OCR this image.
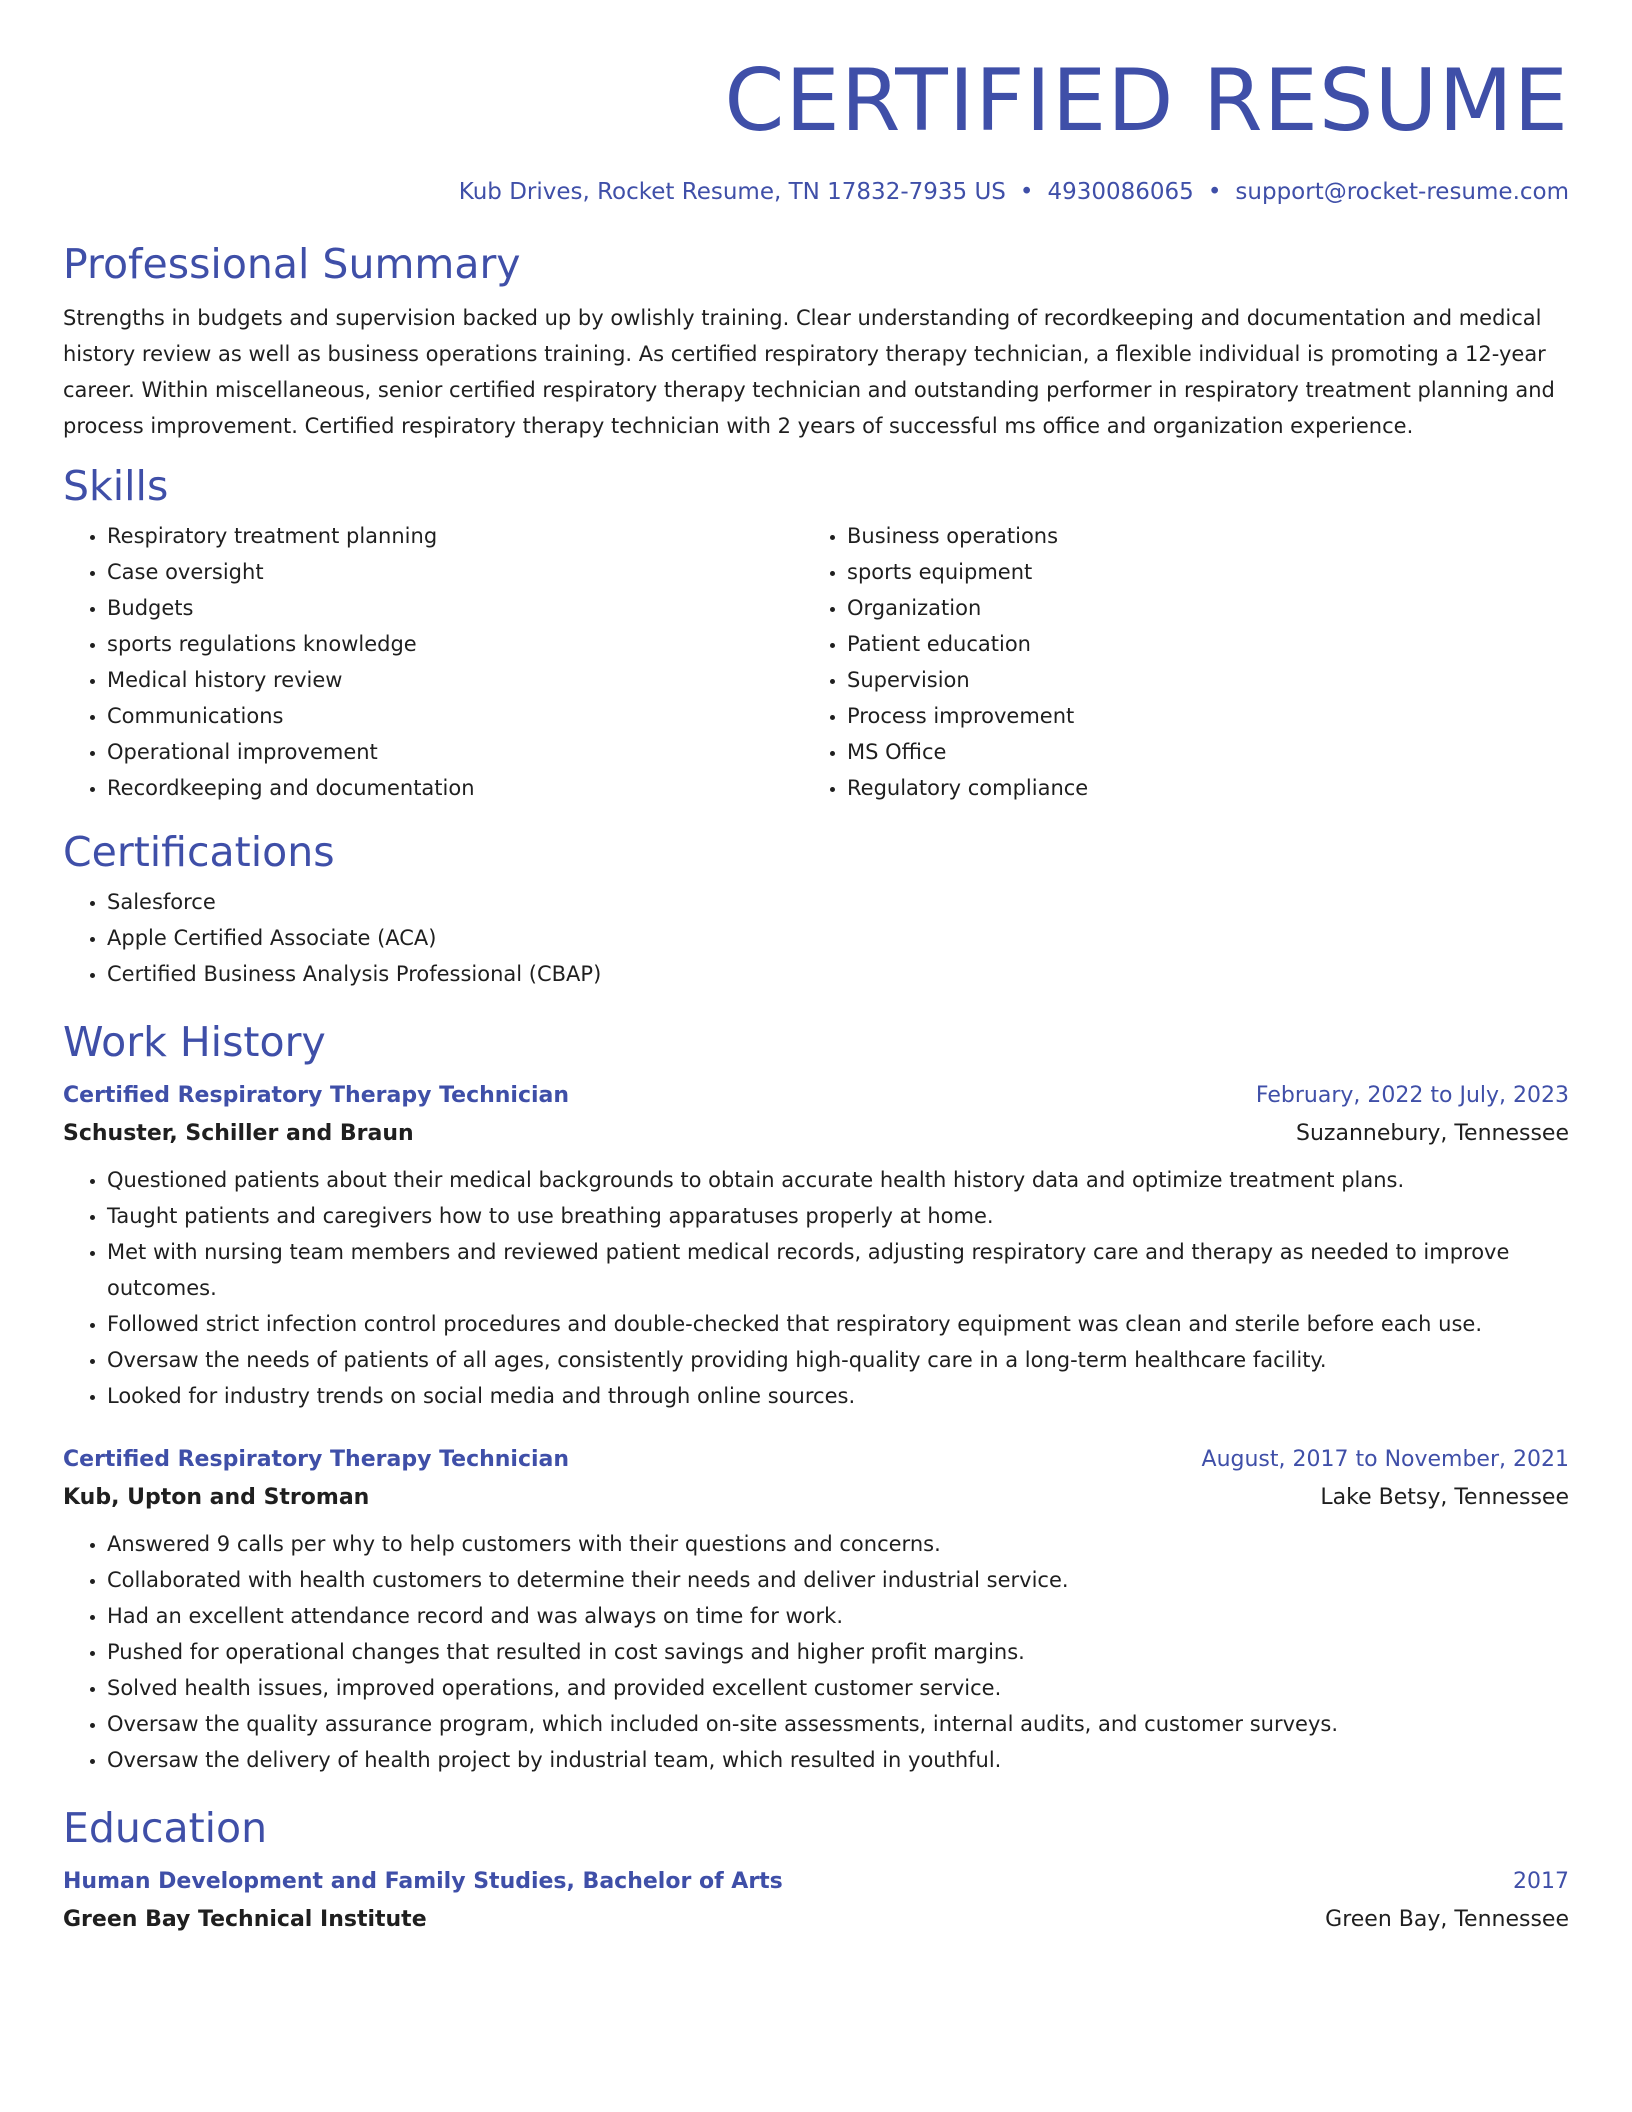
CERTIFIED RESUME
Kub Drives, Rocket Resume, TN 17832-7935 US • 4930086065 • support@rocket-resume.com
Professional Summary

Strengths in budgets and supervision backed up by owlishly training. Clear understanding of recordkeeping and documentation and medical history review as well as business operations training. As certified respiratory therapy technician, a flexible individual is promoting a 12-year career. Within miscellaneous, senior certified respiratory therapy technician and outstanding performer in respiratory treatment planning and process improvement. Certified respiratory therapy technician with 2 years of successful ms office and organization experience.

Skills
• Respiratory treatment planning
• Case oversight
• Budgets
• sports regulations knowledge
• Medical history review
• Communications
• Operational improvement
• Recordkeeping and documentation
• Business operations
• sports equipment
• Organization
• Patient education
• Supervision
• Process improvement
• MS Office
• Regulatory compliance
Certifications
• Salesforce
• Apple Certified Associate (ACA)
• Certified Business Analysis Professional (CBAP)
Work History
Certified Respiratory Therapy Technician	February, 2022 to July, 2023
Schuster, Schiller and Braun	Suzannebury, Tennessee
• Questioned patients about their medical backgrounds to obtain accurate health history data and optimize treatment plans.
• Taught patients and caregivers how to use breathing apparatuses properly at home.
• Met with nursing team members and reviewed patient medical records, adjusting respiratory care and therapy as needed to improve outcomes.
• Followed strict infection control procedures and double-checked that respiratory equipment was clean and sterile before each use.
• Oversaw the needs of patients of all ages, consistently providing high-quality care in a long-term healthcare facility.
• Looked for industry trends on social media and through online sources.
Certified Respiratory Therapy Technician	August, 2017 to November, 2021
Kub, Upton and Stroman	Lake Betsy, Tennessee
• Answered 9 calls per why to help customers with their questions and concerns.
• Collaborated with health customers to determine their needs and deliver industrial service.
• Had an excellent attendance record and was always on time for work.
• Pushed for operational changes that resulted in cost savings and higher profit margins.
• Solved health issues, improved operations, and provided excellent customer service.
• Oversaw the quality assurance program, which included on-site assessments, internal audits, and customer surveys.
• Oversaw the delivery of health project by industrial team, which resulted in youthful.
Education
Human Development and Family Studies, Bachelor of Arts	2017
Green Bay Technical Institute	Green Bay, Tennessee
